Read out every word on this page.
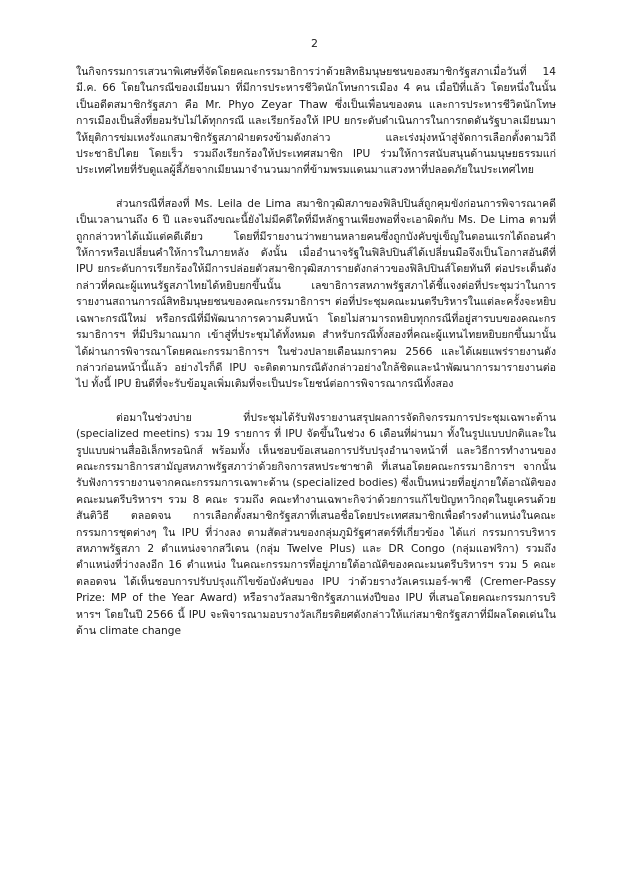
2

ในกิจกรรมการเสวนาพิเศษที่จัดโดยคณะกรรมาธิการว่าด้วยสิทธิมนุษยชนของสมาชิกรัฐสภาเมื่อวันที่ 14 มี.ค. 66 โดยในกรณีของเมียนมา ที่มีการประหารชีวิตนักโทษการเมือง 4 คน เมื่อปีที่แล้ว โดยหนึ่งในนั้นเป็นอดีตสมาชิกรัฐสภา คือ Mr. Phyo Zeyar Thaw ซึ่งเป็นเพื่อนของตน และการประหารชีวิตนักโทษการเมืองเป็นสิ่งที่ยอมรับไม่ได้ทุกกรณี และเรียกร้องให้ IPU ยกระดับดำเนินการในการกดดันรัฐบาลเมียนมาให้ยุติการข่มเหงรังแกสมาชิกรัฐสภาฝ่ายตรงข้ามดังกล่าว และเร่งมุ่งหน้าสู่จัดการเลือกตั้งตามวิถีประชาธิปไตย โดยเร็ว รวมถึงเรียกร้องให้ประเทศสมาชิก IPU ร่วมให้การสนับสนุนด้านมนุษยธรรมแก่ประเทศไทยที่รับดูแลผู้ลี้ภัยจากเมียนมาจำนวนมากที่ข้ามพรมแดนมาแสวงหาที่ปลอดภัยในประเทศไทย

ส่วนกรณีที่สองที่ Ms. Leila de Lima สมาชิกวุฒิสภาของฟิลิปปินส์ถูกคุมขังก่อนการพิจารณาคดี เป็นเวลานานถึง 6 ปี และจนถึงขณะนี้ยังไม่มีคดีใดที่มีหลักฐานเพียงพอที่จะเอาผิดกับ Ms. De Lima ตามที่ถูกกล่าวหาได้แม้แต่คดีเดียว โดยที่มีรายงานว่าพยานหลายคนซึ่งถูกบังคับขู่เข็ญในตอนแรกได้ถอนคำให้การหรือเปลี่ยนคำให้การในภายหลัง ดังนั้น เมื่ออำนาจรัฐในฟิลิปปินส์ได้เปลี่ยนมือจึงเป็นโอกาสอันดีที่ IPU ยกระดับการเรียกร้องให้มีการปล่อยตัวสมาชิกวุฒิสภารายดังกล่าวของฟิลิปปินส์โดยทันที ต่อประเด็นดังกล่าวที่คณะผู้แทนรัฐสภาไทยได้หยิบยกขึ้นนั้น เลขาธิการสหภาพรัฐสภาได้ชี้แจงต่อที่ประชุมว่าในการรายงานสถานการณ์สิทธิมนุษยชนของคณะกรรมาธิการฯ ต่อที่ประชุมคณะมนตรีบริหารในแต่ละครั้งจะหยิบเฉพาะกรณีใหม่ หรือกรณีที่มีพัฒนาการความคืบหน้า โดยไม่สามารถหยิบทุกกรณีที่อยู่สารบบของคณะกรรมาธิการฯ ที่มีปริมาณมาก เข้าสู่ที่ประชุมได้ทั้งหมด สำหรับกรณีทั้งสองที่คณะผู้แทนไทยหยิบยกขึ้นมานั้น ได้ผ่านการพิจารณาโดยคณะกรรมาธิการฯ ในช่วงปลายเดือนมกราคม 2566 และได้เผยแพร่รายงานดังกล่าวก่อนหน้านี้แล้ว อย่างไรก็ดี IPU จะติดตามกรณีดังกล่าวอย่างใกล้ชิดและนำพัฒนาการมารายงานต่อไป ทั้งนี้ IPU ยินดีที่จะรับข้อมูลเพิ่มเติมที่จะเป็นประโยชน์ต่อการพิจารณากรณีทั้งสอง

ต่อมาในช่วงบ่าย ที่ประชุมได้รับฟังรายงานสรุปผลการจัดกิจกรรมการประชุมเฉพาะด้าน (specialized meetins) รวม 19 รายการ ที่ IPU จัดขึ้นในช่วง 6 เดือนที่ผ่านมา ทั้งในรูปแบบปกติและในรูปแบบผ่านสื่ออิเล็กทรอนิกส์ พร้อมทั้ง เห็นชอบข้อเสนอการปรับปรุงอำนาจหน้าที่ และวิธีการทำงานของคณะกรรมาธิการสามัญสหภาพรัฐสภาว่าด้วยกิจการสหประชาชาติ ที่เสนอโดยคณะกรรมาธิการฯ จากนั้นรับฟังการรายงานจากคณะกรรมการเฉพาะด้าน (specialized bodies) ซึ่งเป็นหน่วยที่อยู่ภายใต้อาณัติของคณะมนตรีบริหารฯ รวม 8 คณะ รวมถึง คณะทำงานเฉพาะกิจว่าด้วยการแก้ไขปัญหาวิกฤตในยูเครนด้วยสันติวิธี ตลอดจน การเลือกตั้งสมาชิกรัฐสภาที่เสนอชื่อโดยประเทศสมาชิกเพื่อดำรงตำแหน่งในคณะกรรมการชุดต่างๆ ใน IPU ที่ว่างลง ตามสัดส่วนของกลุ่มภูมิรัฐศาสตร์ที่เกี่ยวข้อง ได้แก่ กรรมการบริหารสหภาพรัฐสภา 2 ตำแหน่งจากสวีเดน (กลุ่ม Twelve Plus) และ DR Congo (กลุ่มแอฟริกา) รวมถึง ตำแหน่งที่ว่างลงอีก 16 ตำแหน่ง ในคณะกรรมการที่อยู่ภายใต้อาณัติของคณะมนตรีบริหารฯ รวม 5 คณะ ตลอดจน ได้เห็นชอบการปรับปรุงแก้ไขข้อบังคับของ IPU ว่าด้วยรางวัลเครเมอร์-พาซี (Cremer-Passy Prize: MP of the Year Award) หรือรางวัลสมาชิกรัฐสภาแห่งปีของ IPU ที่เสนอโดยคณะกรรมการบริหารฯ โดยในปี 2566 นี้ IPU จะพิจารณามอบรางวัลเกียรติยศดังกล่าวให้แก่สมาชิกรัฐสภาที่มีผลโดดเด่นในด้าน climate change
